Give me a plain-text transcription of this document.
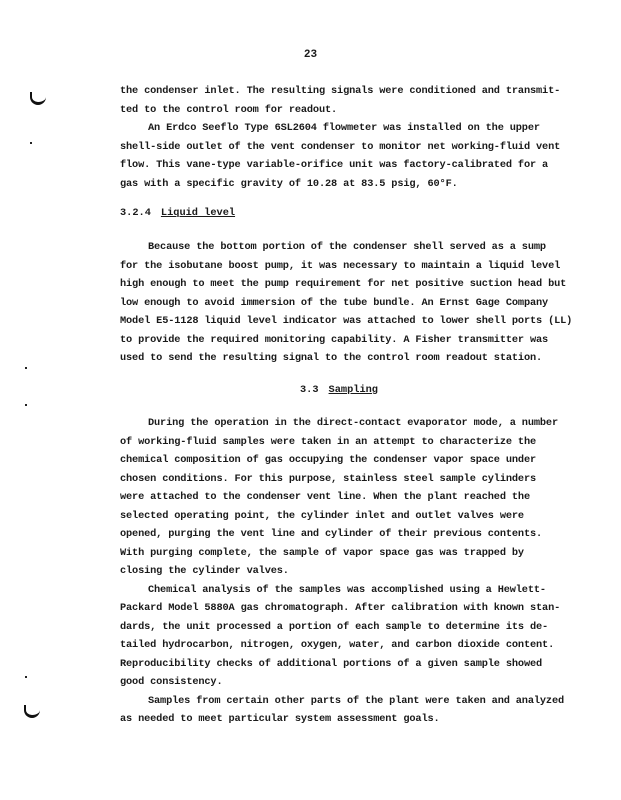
23
the condenser inlet. The resulting signals were conditioned and transmit-
ted to the control room for readout.
An Erdco Seeflo Type 6SL2604 flowmeter was installed on the upper
shell-side outlet of the vent condenser to monitor net working-fluid vent
flow. This vane-type variable-orifice unit was factory-calibrated for a
gas with a specific gravity of 10.28 at 83.5 psig, 60°F.
3.2.4 Liquid level
Because the bottom portion of the condenser shell served as a sump
for the isobutane boost pump, it was necessary to maintain a liquid level
high enough to meet the pump requirement for net positive suction head but
low enough to avoid immersion of the tube bundle. An Ernst Gage Company
Model E5-1128 liquid level indicator was attached to lower shell ports (LL)
to provide the required monitoring capability. A Fisher transmitter was
used to send the resulting signal to the control room readout station.
3.3 Sampling
During the operation in the direct-contact evaporator mode, a number
of working-fluid samples were taken in an attempt to characterize the
chemical composition of gas occupying the condenser vapor space under
chosen conditions. For this purpose, stainless steel sample cylinders
were attached to the condenser vent line. When the plant reached the
selected operating point, the cylinder inlet and outlet valves were
opened, purging the vent line and cylinder of their previous contents.
With purging complete, the sample of vapor space gas was trapped by
closing the cylinder valves.
Chemical analysis of the samples was accomplished using a Hewlett-
Packard Model 5880A gas chromatograph. After calibration with known stan-
dards, the unit processed a portion of each sample to determine its de-
tailed hydrocarbon, nitrogen, oxygen, water, and carbon dioxide content.
Reproducibility checks of additional portions of a given sample showed
good consistency.
Samples from certain other parts of the plant were taken and analyzed
as needed to meet particular system assessment goals.
